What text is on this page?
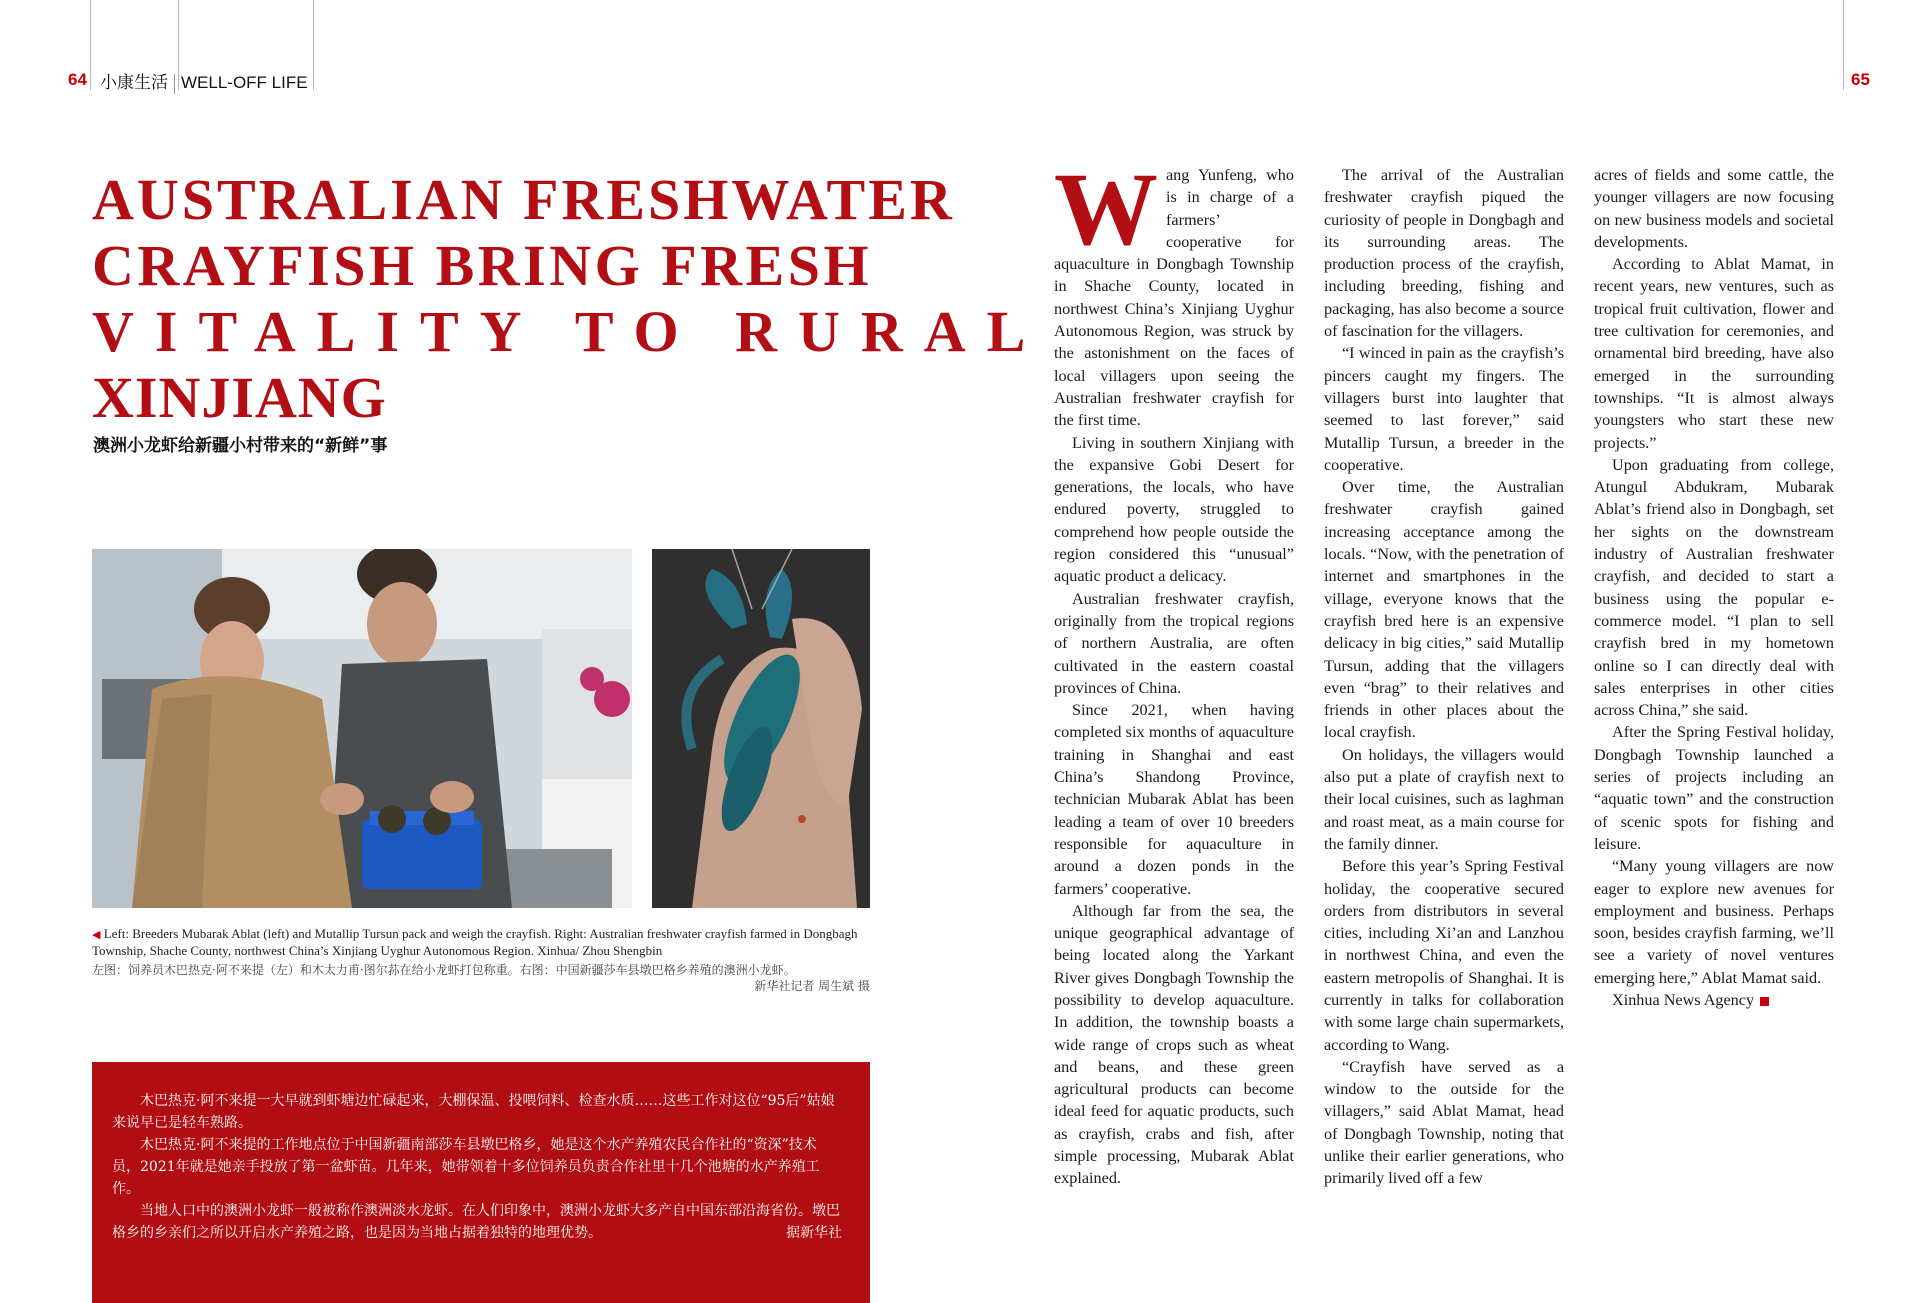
64 小康生活 WELL-OFF LIFE	65
AUSTRALIAN FRESHWATER
CRAYFISH BRING FRESH
VITALITY TO RURAL
XINJIANG
澳洲小龙虾给新疆小村带来的“新鲜”事
◀ Left: Breeders Mubarak Ablat (left) and Mutallip Tursun pack and weigh the crayfish. Right: Australian freshwater crayfish farmed in Dongbagh Township, Shache County, northwest China’s Xinjiang Uyghur Autonomous Region. Xinhua/ Zhou Shengbin
左图：饲养员木巴热克·阿不来提（左）和木太力甫·图尔荪在给小龙虾打包称重。右图：中国新疆莎车县墩巴格乡养殖的澳洲小龙虾。
新华社记者 周生斌 摄

木巴热克·阿不来提一大早就到虾塘边忙碌起来，大棚保温、投喂饲料、检查水质……这些工作对这位“95后”姑娘来说早已是轻车熟路。

木巴热克·阿不来提的工作地点位于中国新疆南部莎车县墩巴格乡，她是这个水产养殖农民合作社的“资深”技术员，2021年就是她亲手投放了第一盆虾苗。几年来，她带领着十多位饲养员负责合作社里十几个池塘的水产养殖工作。

当地人口中的澳洲小龙虾一般被称作澳洲淡水龙虾。在人们印象中，澳洲小龙虾大多产自中国东部沿海省份。墩巴格乡的乡亲们之所以开启水产养殖之路，也是因为当地占据着独特的地理优势。	据新华社

Wang Yunfeng, who is in charge of a farmers’ cooperative for aquaculture in Dongbagh Township in Shache County, located in northwest China’s Xinjiang Uyghur Autonomous Region, was struck by the astonishment on the faces of local villagers upon seeing the Australian freshwater crayfish for the first time.

Living in southern Xinjiang with the expansive Gobi Desert for generations, the locals, who have endured poverty, struggled to comprehend how people outside the region considered this “unusual” aquatic product a delicacy.

Australian freshwater crayfish, originally from the tropical regions of northern Australia, are often cultivated in the eastern coastal provinces of China.

Since 2021, when having completed six months of aquaculture training in Shanghai and east China’s Shandong Province, technician Mubarak Ablat has been leading a team of over 10 breeders responsible for aquaculture in around a dozen ponds in the farmers’ cooperative.

Although far from the sea, the unique geographical advantage of being located along the Yarkant River gives Dongbagh Township the possibility to develop aquaculture. In addition, the township boasts a wide range of crops such as wheat and beans, and these green agricultural products can become ideal feed for aquatic products, such as crayfish, crabs and fish, after simple processing, Mubarak Ablat explained.

The arrival of the Australian freshwater crayfish piqued the curiosity of people in Dongbagh and its surrounding areas. The production process of the crayfish, including breeding, fishing and packaging, has also become a source of fascination for the villagers.

“I winced in pain as the crayfish’s pincers caught my fingers. The villagers burst into laughter that seemed to last forever,” said Mutallip Tursun, a breeder in the cooperative.

Over time, the Australian freshwater crayfish gained increasing acceptance among the locals. “Now, with the penetration of internet and smartphones in the village, everyone knows that the crayfish bred here is an expensive delicacy in big cities,” said Mutallip Tursun, adding that the villagers even “brag” to their relatives and friends in other places about the local crayfish.

On holidays, the villagers would also put a plate of crayfish next to their local cuisines, such as laghman and roast meat, as a main course for the family dinner.

Before this year’s Spring Festival holiday, the cooperative secured orders from distributors in several cities, including Xi’an and Lanzhou in northwest China, and even the eastern metropolis of Shanghai. It is currently in talks for collaboration with some large chain supermarkets, according to Wang.

“Crayfish have served as a window to the outside for the villagers,” said Ablat Mamat, head of Dongbagh Township, noting that unlike their earlier generations, who primarily lived off a few

acres of fields and some cattle, the younger villagers are now focusing on new business models and societal developments.

According to Ablat Mamat, in recent years, new ventures, such as tropical fruit cultivation, flower and tree cultivation for ceremonies, and ornamental bird breeding, have also emerged in the surrounding townships. “It is almost always youngsters who start these new projects.”

Upon graduating from college, Atungul Abdukram, Mubarak Ablat’s friend also in Dongbagh, set her sights on the downstream industry of Australian freshwater crayfish, and decided to start a business using the popular e-commerce model. “I plan to sell crayfish bred in my hometown online so I can directly deal with sales enterprises in other cities across China,” she said.

After the Spring Festival holiday, Dongbagh Township launched a series of projects including an “aquatic town” and the construction of scenic spots for fishing and leisure.

“Many young villagers are now eager to explore new avenues for employment and business. Perhaps soon, besides crayfish farming, we’ll see a variety of novel ventures emerging here,” Ablat Mamat said.

Xinhua News Agency
